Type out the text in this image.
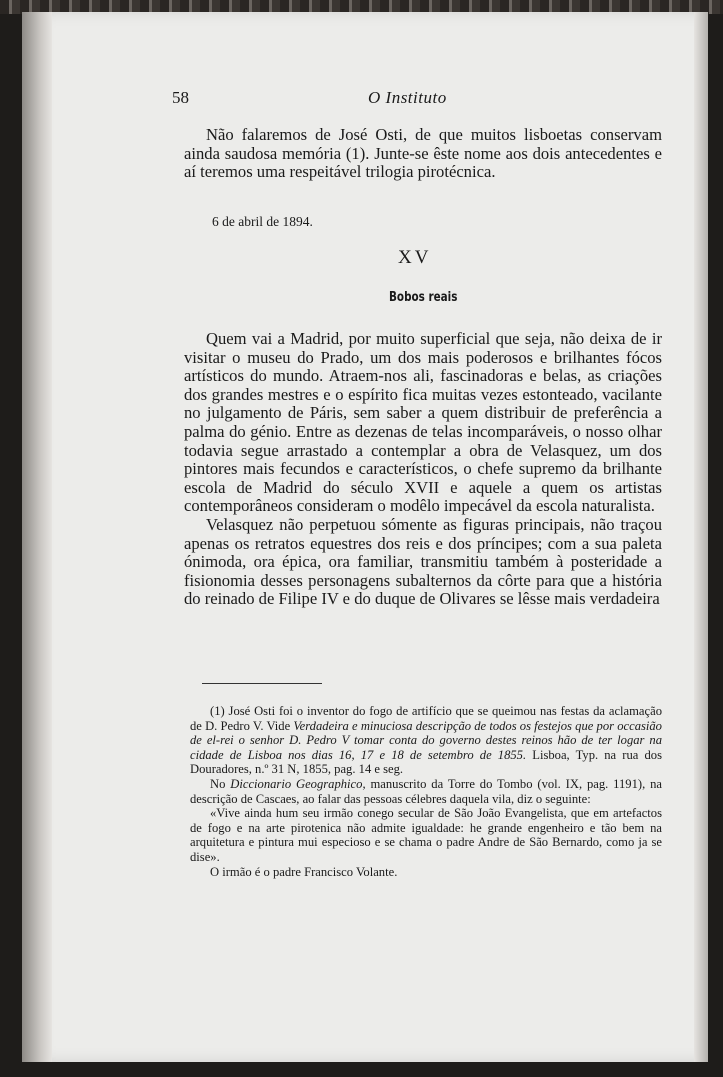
58	O Instituto

Não falaremos de José Osti, de que muitos lisboetas conservam ainda saudosa memória (1). Junte-se êste nome aos dois antecedentes e aí teremos uma respeitável trilogia pirotécnica.

6 de abril de 1894.
XV
Bobos reais

Quem vai a Madrid, por muito superficial que seja, não deixa de ir visitar o museu do Prado, um dos mais poderosos e brilhantes fócos artísticos do mundo. Atraem-nos ali, fascinadoras e belas, as criações dos grandes mestres e o espírito fica muitas vezes estonteado, vacilante no julgamento de Páris, sem saber a quem distribuir de preferência a palma do génio. Entre as dezenas de telas incomparáveis, o nosso olhar todavia segue arrastado a contemplar a obra de Velasquez, um dos pintores mais fecundos e característicos, o chefe supremo da brilhante escola de Madrid do século XVII e aquele a quem os artistas contemporâneos consideram o modêlo impecável da escola naturalista.

Velasquez não perpetuou sómente as figuras principais, não traçou apenas os retratos equestres dos reis e dos príncipes; com a sua paleta ónimoda, ora épica, ora familiar, transmitiu também à posteridade a fisionomia desses personagens subalternos da côrte para que a história do reinado de Filipe IV e do duque de Olivares se lêsse mais verdadeira

(1) José Osti foi o inventor do fogo de artifício que se queimou nas festas da aclamação de D. Pedro V. Vide Verdadeira e minuciosa descripção de todos os festejos que por occasião de el-rei o senhor D. Pedro V tomar conta do governo destes reinos hão de ter logar na cidade de Lisboa nos dias 16, 17 e 18 de setembro de 1855. Lisboa, Typ. na rua dos Douradores, n.º 31 N, 1855, pag. 14 e seg.

No Diccionario Geographico, manuscrito da Torre do Tombo (vol. IX, pag. 1191), na descrição de Cascaes, ao falar das pessoas célebres daquela vila, diz o seguinte:

«Vive ainda hum seu irmão conego secular de São João Evangelista, que em artefactos de fogo e na arte pirotenica não admite igualdade: he grande engenheiro e tão bem na arquitetura e pintura mui especioso e se chama o padre Andre de São Bernardo, como ja se dise».

O irmão é o padre Francisco Volante.
